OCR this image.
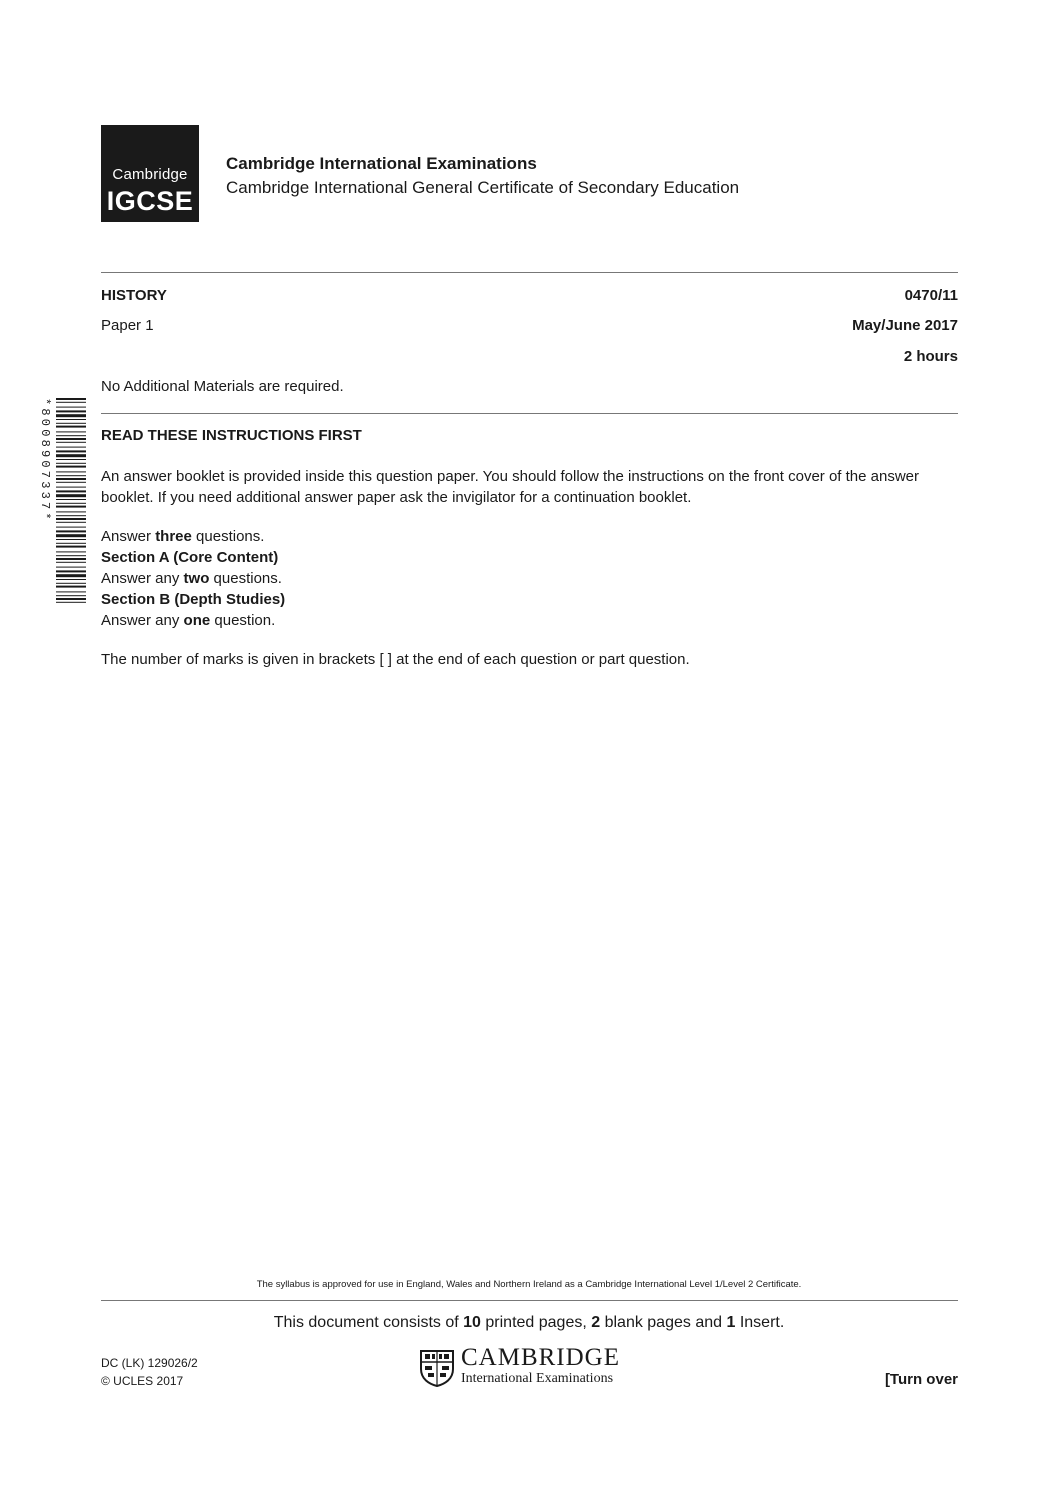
Cambridge
IGCSE
Cambridge International Examinations
Cambridge International General Certificate of Secondary Education
HISTORY	0470/11
Paper 1	May/June 2017
2 hours
No Additional Materials are required.
*8008907337*	READ THESE INSTRUCTIONS FIRST
An answer booklet is provided inside this question paper. You should follow the instructions on the front cover of the answer booklet. If you need additional answer paper ask the invigilator for a continuation booklet.
Answer three questions.
Section A (Core Content)
Answer any two questions.
Section B (Depth Studies)
Answer any one question.
The number of marks is given in brackets [ ] at the end of each question or part question.
The syllabus is approved for use in England, Wales and Northern Ireland as a Cambridge International Level 1/Level 2 Certificate.
This document consists of 10 printed pages, 2 blank pages and 1 Insert.
DC (LK) 129026/2
© UCLES 2017
CAMBRIDGE
International Examinations	[Turn over
